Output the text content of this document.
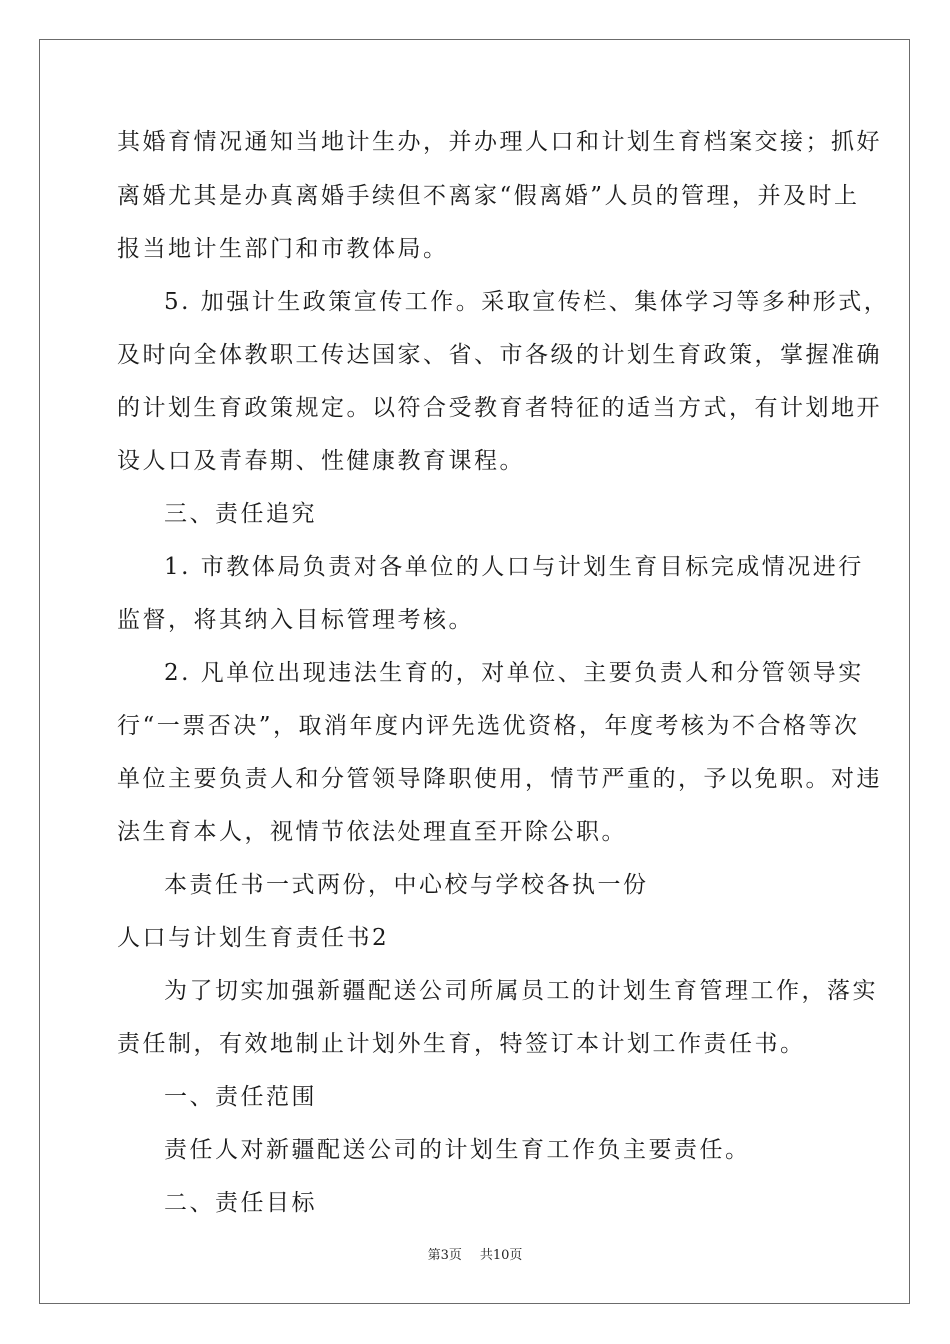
其婚育情况通知当地计生办，并办理人口和计划生育档案交接；抓好
离婚尤其是办真离婚手续但不离家“假离婚”人员的管理，并及时上
报当地计生部门和市教体局。
5. 加强计生政策宣传工作。采取宣传栏、集体学习等多种形式，
及时向全体教职工传达国家、省、市各级的计划生育政策，掌握准确
的计划生育政策规定。以符合受教育者特征的适当方式，有计划地开
设人口及青春期、性健康教育课程。
三、责任追究
1. 市教体局负责对各单位的人口与计划生育目标完成情况进行
监督，将其纳入目标管理考核。
2. 凡单位出现违法生育的，对单位、主要负责人和分管领导实
行“一票否决”，取消年度内评先选优资格，年度考核为不合格等次
单位主要负责人和分管领导降职使用，情节严重的，予以免职。对违
法生育本人，视情节依法处理直至开除公职。
本责任书一式两份，中心校与学校各执一份
人口与计划生育责任书2
为了切实加强新疆配送公司所属员工的计划生育管理工作，落实
责任制，有效地制止计划外生育，特签订本计划工作责任书。
一、责任范围
责任人对新疆配送公司的计划生育工作负主要责任。
二、责任目标
第3页 共10页
